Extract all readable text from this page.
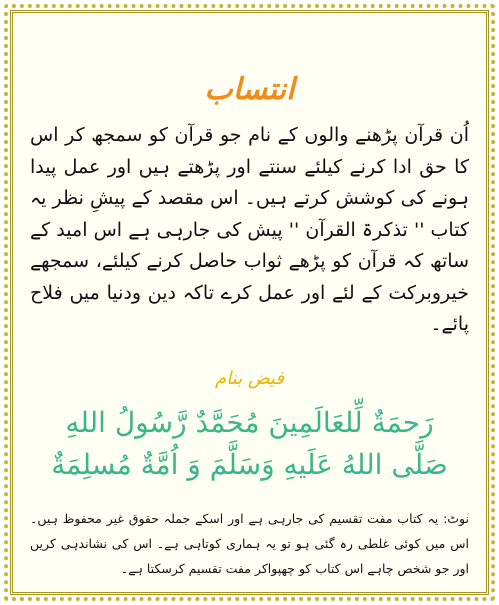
انتساب
اُن قرآن پڑھنے والوں کے نام جو قرآن کو سمجھ کر اس کا حق ادا کرنے کیلئے سنتے اور پڑھتے ہیں اور عمل پیدا ہونے کی کوشش کرتے ہیں۔ اس مقصد کے پیشِ نظر یہ کتاب '' تذکرۃ القرآن '' پیش کی جارہی ہے اس امید کے ساتھ کہ قرآن کو پڑھے ثواب حاصل کرنے کیلئے، سمجھے خیروبرکت کے لئے اور عمل کرے تاکہ دین ودنیا میں فلاح پائے۔
فیض بنام
رَحمَةٌ لِّلعَالَمِينَ مُحَمَّدٌ رَّسُولُ اللهِ
صَلَّى اللهُ عَلَيهِ وَسَلَّمَ وَ اُمَّةٌ مُسلِمَةٌ
نوٹ: یہ کتاب مفت تقسیم کی جارہی ہے اور اسکے جملہ حقوق غیر محفوظ ہیں۔ اس میں کوئی غلطی رہ گئی ہو تو یہ ہماری کوتاہی ہے۔ اس کی نشاندہی کریں اور جو شخص چاہے اس کتاب کو چھپواکر مفت تقسیم کرسکتا ہے۔
